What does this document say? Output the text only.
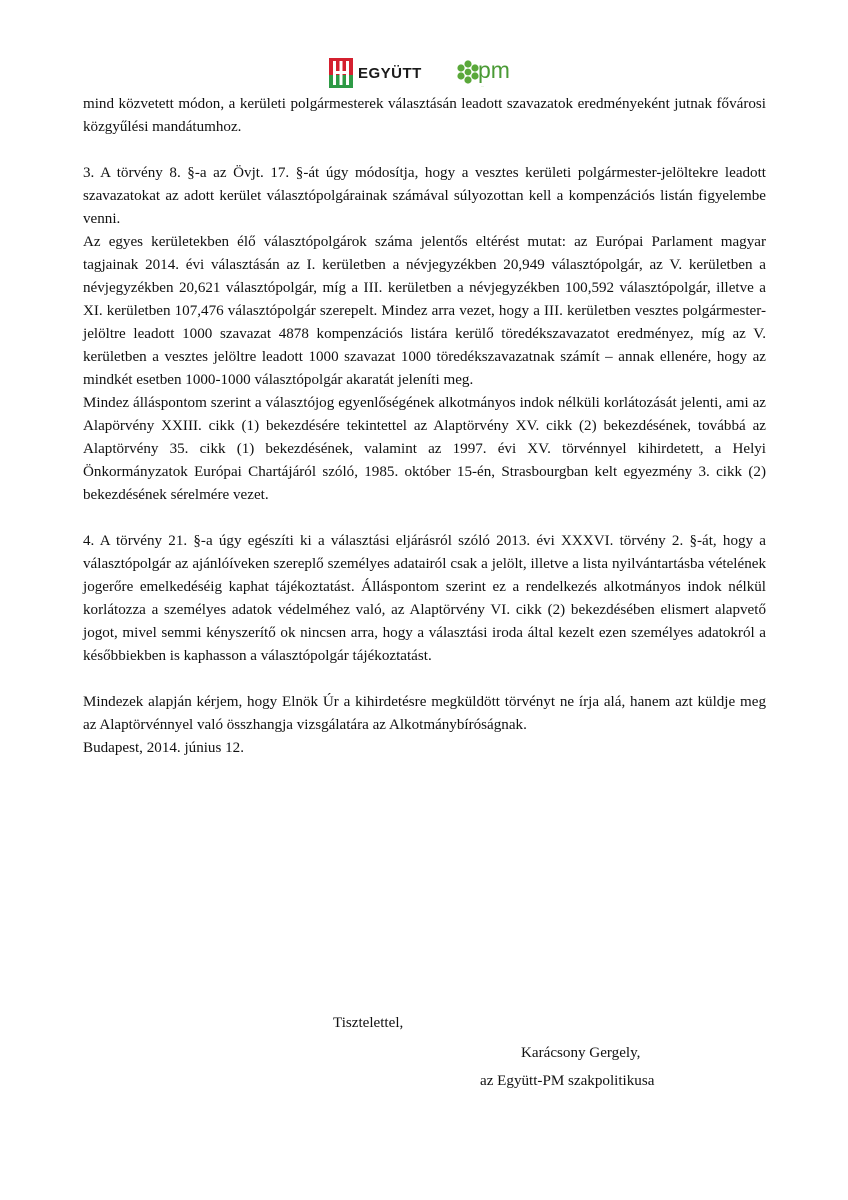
EGYÜTT pm
...

mind közvetett módon, a kerületi polgármesterek választásán leadott szavazatok eredményeként jutnak fővárosi közgyűlési mandátumhoz.

3. A törvény 8. §-a az Övjt. 17. §-át úgy módosítja, hogy a vesztes kerületi polgármester-jelöltekre leadott szavazatokat az adott kerület választópolgárainak számával súlyozottan kell a kompenzációs listán figyelembe venni.

Az egyes kerületekben élő választópolgárok száma jelentős eltérést mutat: az Európai Parlament magyar tagjainak 2014. évi választásán az I. kerületben a névjegyzékben 20,949 választópolgár, az V. kerületben a névjegyzékben 20,621 választópolgár, míg a III. kerületben a névjegyzékben 100,592 választópolgár, illetve a XI. kerületben 107,476 választópolgár szerepelt. Mindez arra vezet, hogy a III. kerületben vesztes polgármester-jelöltre leadott 1000 szavazat 4878 kompenzációs listára kerülő töredékszavazatot eredményez, míg az V. kerületben a vesztes jelöltre leadott 1000 szavazat 1000 töredékszavazatnak számít – annak ellenére, hogy az mindkét esetben 1000-1000 választópolgár akaratát jeleníti meg.

Mindez álláspontom szerint a választójog egyenlőségének alkotmányos indok nélküli korlátozását jelenti, ami az Alapörvény XXIII. cikk (1) bekezdésére tekintettel az Alaptörvény XV. cikk (2) bekezdésének, továbbá az Alaptörvény 35. cikk (1) bekezdésének, valamint az 1997. évi XV. törvénnyel kihirdetett, a Helyi Önkormányzatok Európai Chartájáról szóló, 1985. október 15-én, Strasbourgban kelt egyezmény 3. cikk (2) bekezdésének sérelmére vezet.

4. A törvény 21. §-a úgy egészíti ki a választási eljárásról szóló 2013. évi XXXVI. törvény 2. §-át, hogy a választópolgár az ajánlóíveken szereplő személyes adatairól csak a jelölt, illetve a lista nyilvántartásba vételének jogerőre emelkedéséig kaphat tájékoztatást. Álláspontom szerint ez a rendelkezés alkotmányos indok nélkül korlátozza a személyes adatok védelméhez való, az Alaptörvény VI. cikk (2) bekezdésében elismert alapvető jogot, mivel semmi kényszerítő ok nincsen arra, hogy a választási iroda által kezelt ezen személyes adatokról a későbbiekben is kaphasson a választópolgár tájékoztatást.

Mindezek alapján kérjem, hogy Elnök Úr a kihirdetésre megküldött törvényt ne írja alá, hanem azt küldje meg az Alaptörvénnyel való összhangja vizsgálatára az Alkotmánybíróságnak.

Budapest, 2014. június 12.

Tisztelettel,
Karácsony Gergely,
az Együtt-PM szakpolitikusa
